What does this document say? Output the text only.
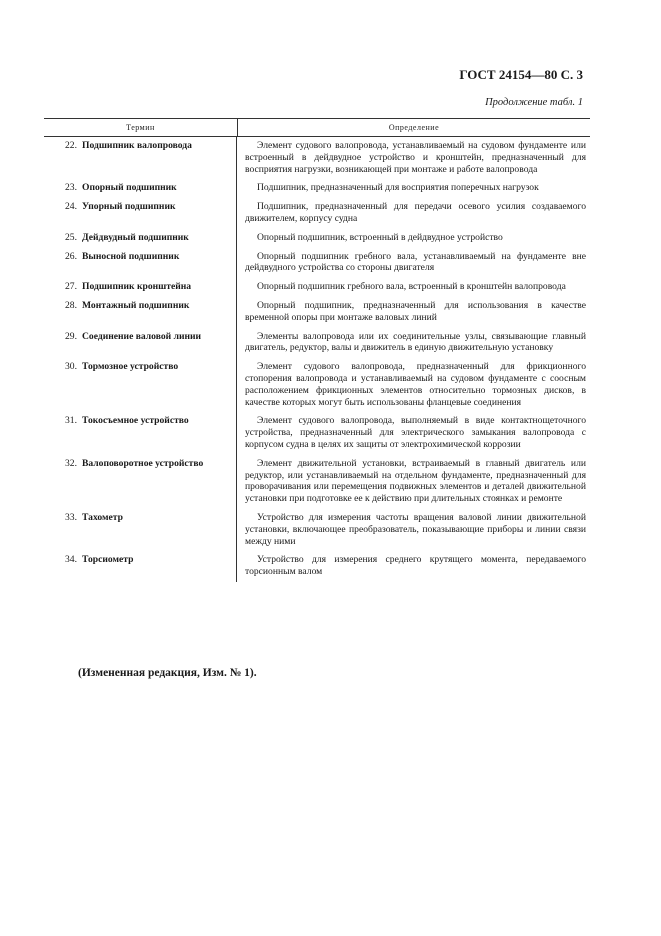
ГОСТ 24154—80 С. 3
Продолжение табл. 1
Термин	Определение
22. Подшипник валопровода	Элемент судового валопровода, устанавливаемый на судовом фундаменте или встроенный в дейдвудное устройство и кронштейн, предназначенный для восприятия нагрузки, возникающей при монтаже и работе валопровода
23. Опорный подшипник	Подшипник, предназначенный для восприятия поперечных нагрузок
24. Упорный подшипник	Подшипник, предназначенный для передачи осевого усилия создаваемого движителем, корпусу судна
25. Дейдвудный подшипник	Опорный подшипник, встроенный в дейдвудное устройство
26. Выносной подшипник	Опорный подшипник гребного вала, устанавливаемый на фундаменте вне дейдвудного устройства со стороны двигателя
27. Подшипник кронштейна	Опорный подшипник гребного вала, встроенный в кронштейн валопровода
28. Монтажный подшипник	Опорный подшипник, предназначенный для использования в качестве временной опоры при монтаже валовых линий
29. Соединение валовой линии	Элементы валопровода или их соединительные узлы, связывающие главный двигатель, редуктор, валы и движитель в единую движительную установку
30. Тормозное устройство	Элемент судового валопровода, предназначенный для фрикционного стопорения валопровода и устанавливаемый на судовом фундаменте с соосным расположением фрикционных элементов относительно тормозных дисков, в качестве которых могут быть использованы фланцевые соединения
31. Токосъемное устройство	Элемент судового валопровода, выполняемый в виде контактнощеточного устройства, предназначенный для электрического замыкания валопровода с корпусом судна в целях их защиты от электрохимической коррозии
32. Валоповоротное устройство	Элемент движительной установки, встраиваемый в главный двигатель или редуктор, или устанавливаемый на отдельном фундаменте, предназначенный для проворачивания или перемещения подвижных элементов и деталей движительной установки при подготовке ее к действию при длительных стоянках и ремонте
33. Тахометр	Устройство для измерения частоты вращения валовой линии движительной установки, включающее преобразователь, показывающие приборы и линии связи между ними
34. Торсиометр	Устройство для измерения среднего крутящего момента, передаваемого торсионным валом
(Измененная редакция, Изм. № 1).
